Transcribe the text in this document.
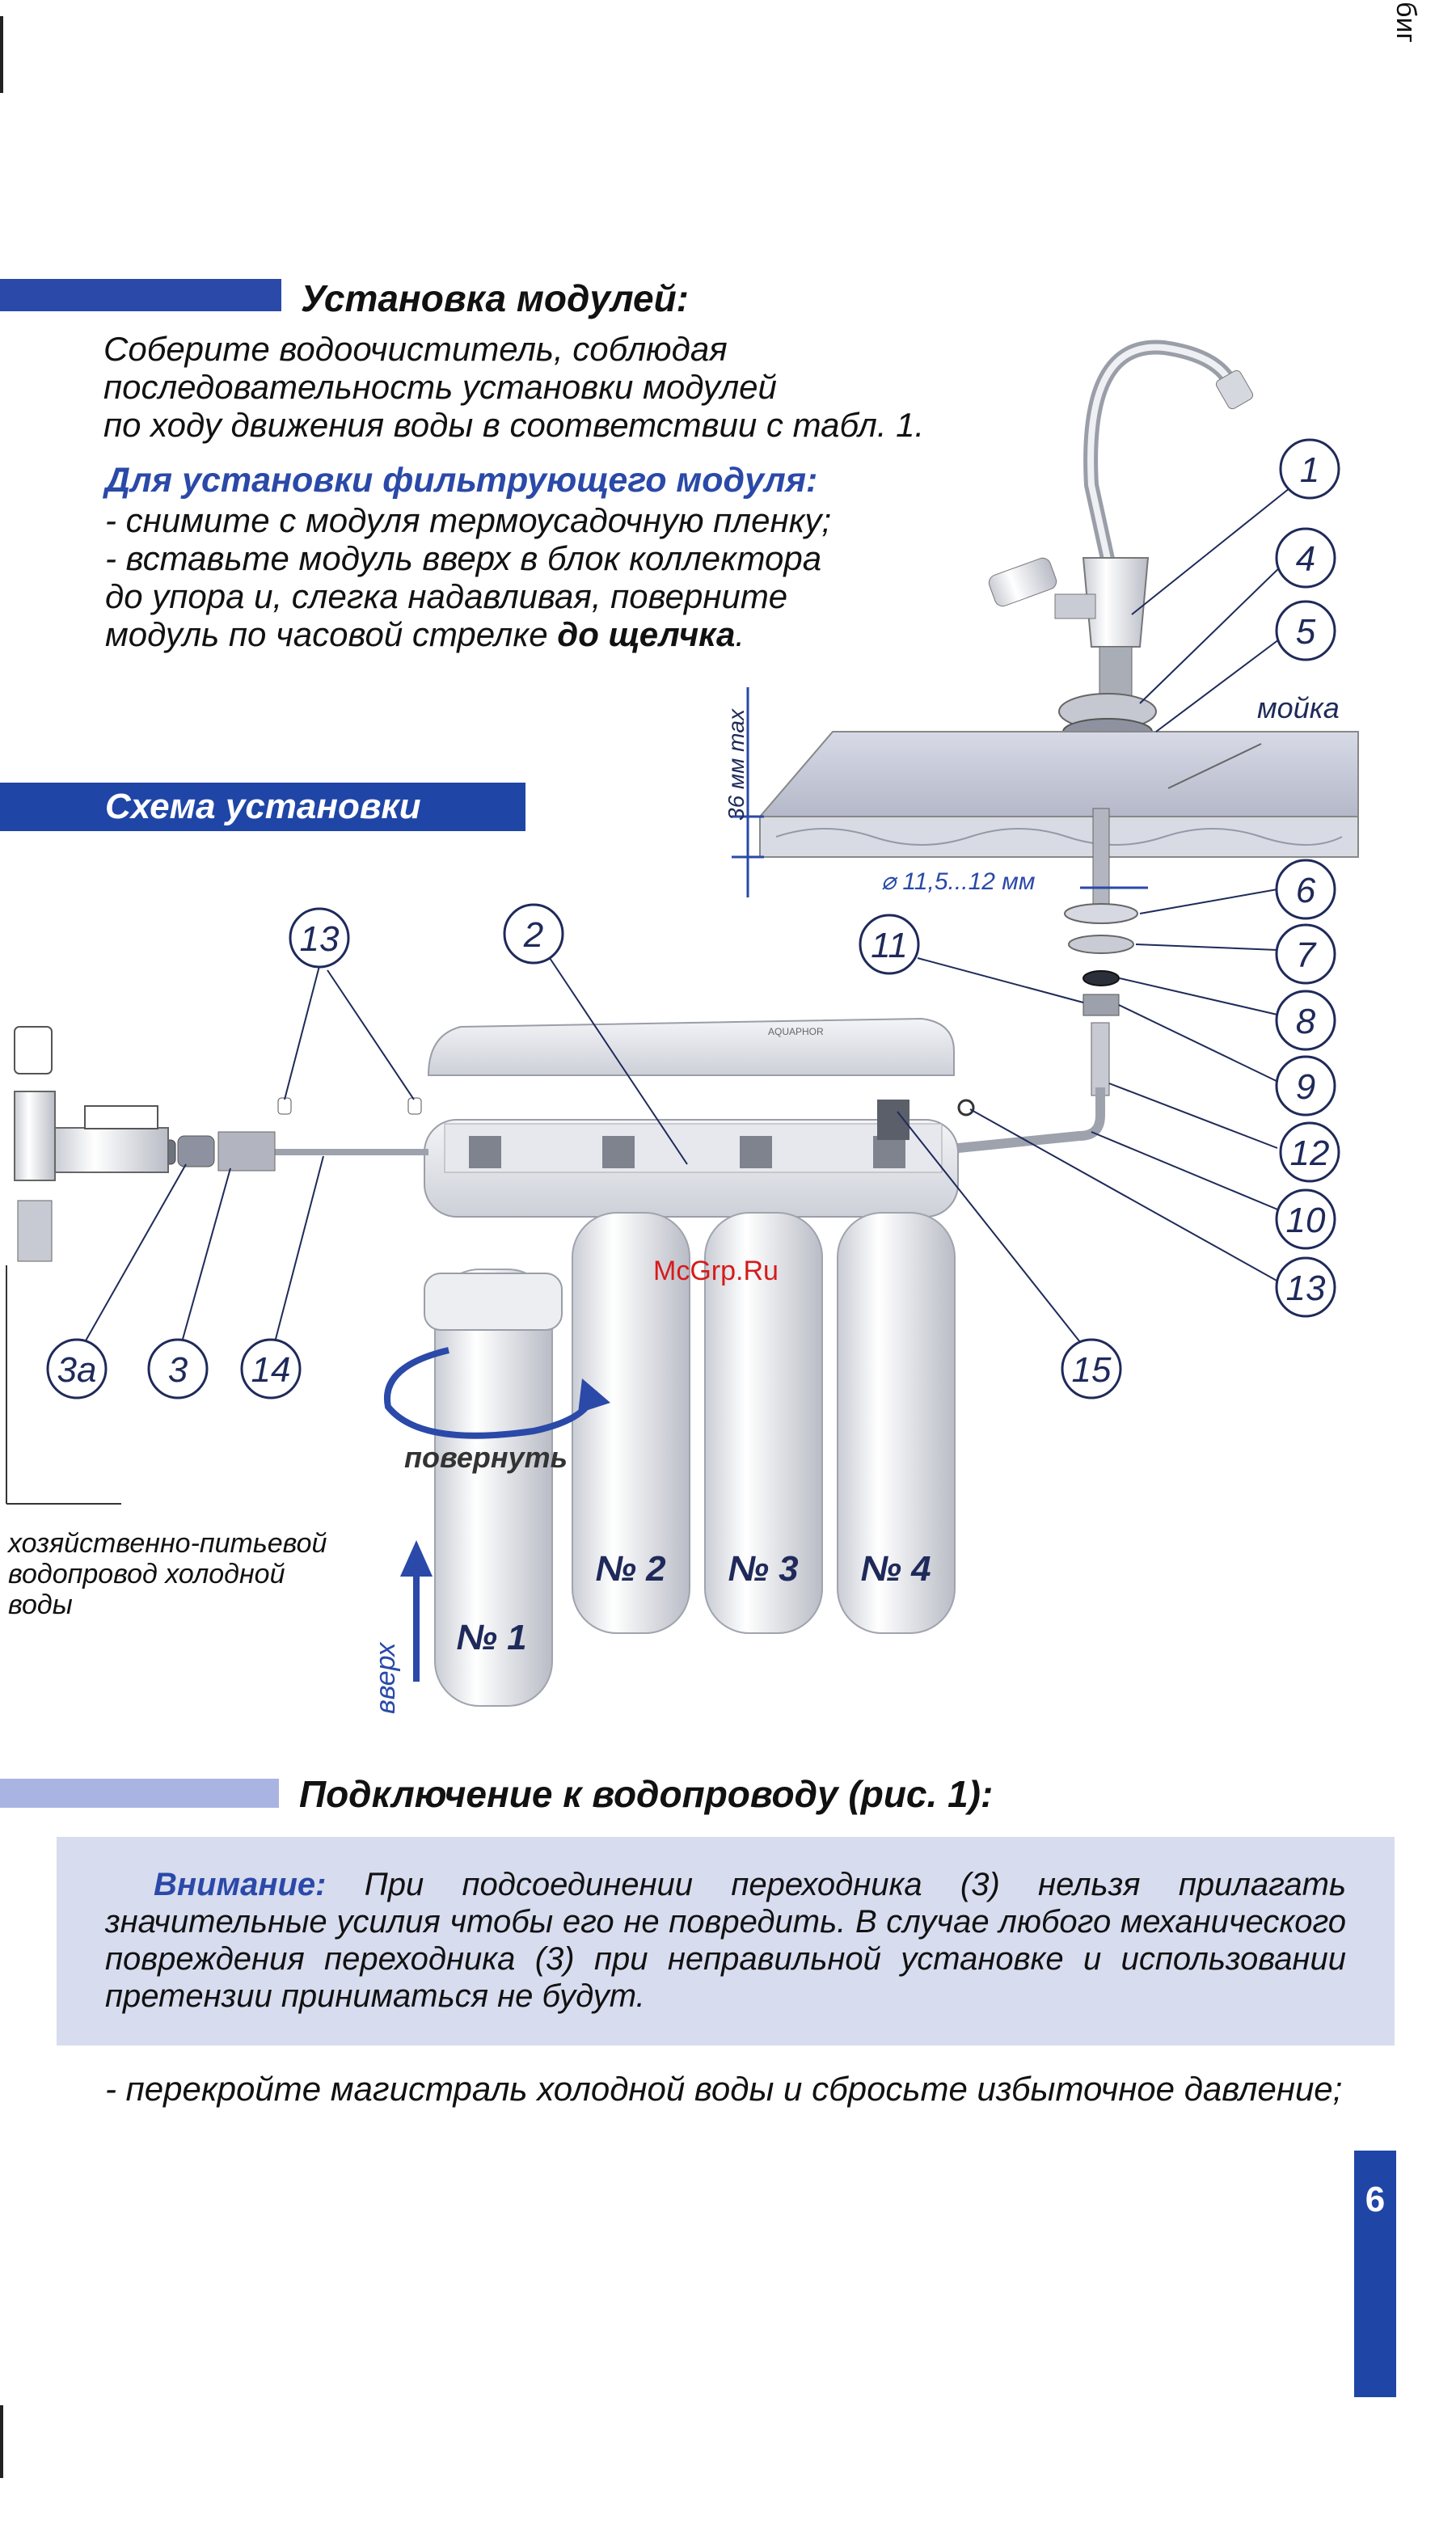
биг
Установка модулей:
Соберите водоочиститель, соблюдая
последовательность установки модулей
по ходу движения воды в соответствии с табл. 1.
Для установки фильтрующего модуля:
- снимите с модуля термоусадочную пленку;
- вставьте модуль вверх в блок коллектора
до упора и, слегка надавливая, поверните
модуль по часовой стрелке до щелчка.
Схема установки
AQUAPHOR
1
4
5
6
7
8
9
12
10
13
11
2
13
15
3а 3 14
мойка
36 мм max
⌀ 11,5...12 мм
повернуть
вверх
McGrp.Ru
№ 1
№ 2 № 3 № 4
хозяйственно-питьевой
водопровод холодной
воды
Подключение к водопроводу (рис. 1):
Внимание: При подсоединении переходника (3) нельзя прилагать значительные усилия чтобы его не повредить. В случае любого механического повреждения переходника (3) при неправильной установке и использовании претензии приниматься не будут.
- перекройте магистраль холодной воды и сбросьте избыточное давление;
6
